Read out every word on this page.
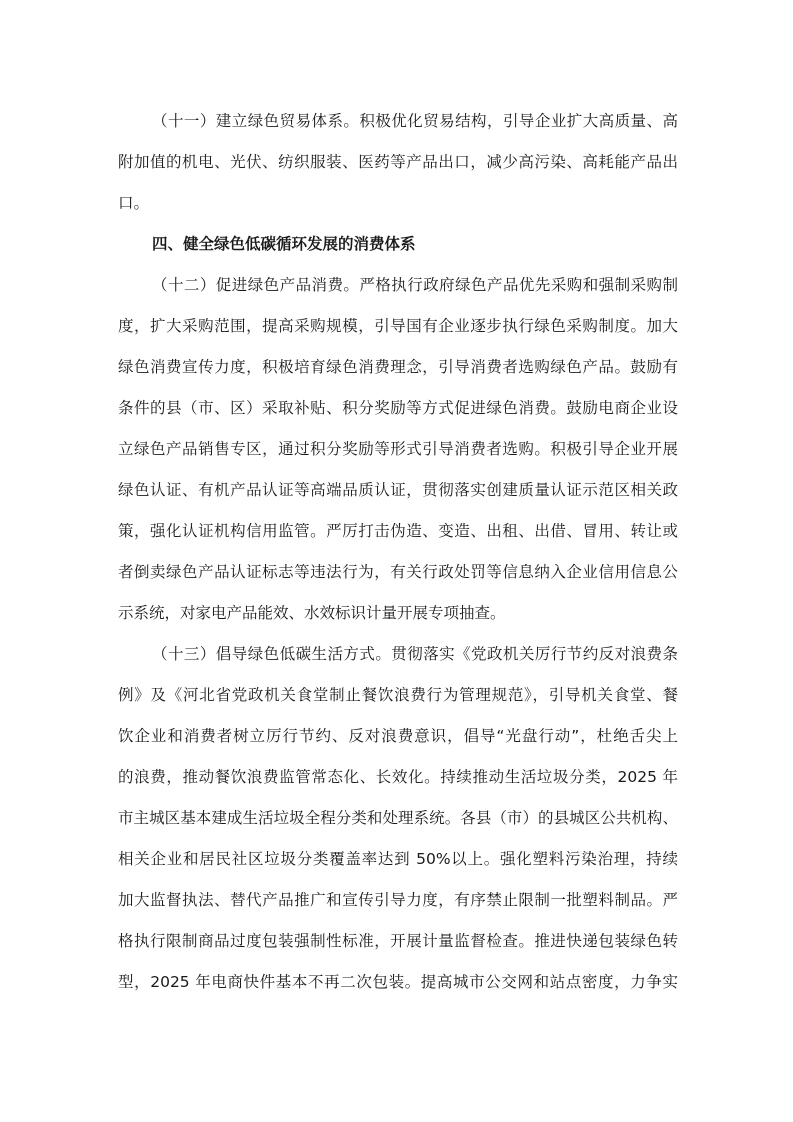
（十一）建立绿色贸易体系。积极优化贸易结构，引导企业扩大高质量、高
附加值的机电、光伏、纺织服装、医药等产品出口，减少高污染、高耗能产品出
口。
四、健全绿色低碳循环发展的消费体系
（十二）促进绿色产品消费。严格执行政府绿色产品优先采购和强制采购制
度，扩大采购范围，提高采购规模，引导国有企业逐步执行绿色采购制度。加大
绿色消费宣传力度，积极培育绿色消费理念，引导消费者选购绿色产品。鼓励有
条件的县（市、区）采取补贴、积分奖励等方式促进绿色消费。鼓励电商企业设
立绿色产品销售专区，通过积分奖励等形式引导消费者选购。积极引导企业开展
绿色认证、有机产品认证等高端品质认证，贯彻落实创建质量认证示范区相关政
策，强化认证机构信用监管。严厉打击伪造、变造、出租、出借、冒用、转让或
者倒卖绿色产品认证标志等违法行为，有关行政处罚等信息纳入企业信用信息公
示系统，对家电产品能效、水效标识计量开展专项抽查。
（十三）倡导绿色低碳生活方式。贯彻落实《党政机关厉行节约反对浪费条
例》及《河北省党政机关食堂制止餐饮浪费行为管理规范》，引导机关食堂、餐
饮企业和消费者树立厉行节约、反对浪费意识，倡导“光盘行动”，杜绝舌尖上
的浪费，推动餐饮浪费监管常态化、长效化。持续推动生活垃圾分类，2025 年
市主城区基本建成生活垃圾全程分类和处理系统。各县（市）的县城区公共机构、
相关企业和居民社区垃圾分类覆盖率达到 50%以上。强化塑料污染治理，持续
加大监督执法、替代产品推广和宣传引导力度，有序禁止限制一批塑料制品。严
格执行限制商品过度包装强制性标准，开展计量监督检查。推进快递包装绿色转
型，2025 年电商快件基本不再二次包装。提高城市公交网和站点密度，力争实
